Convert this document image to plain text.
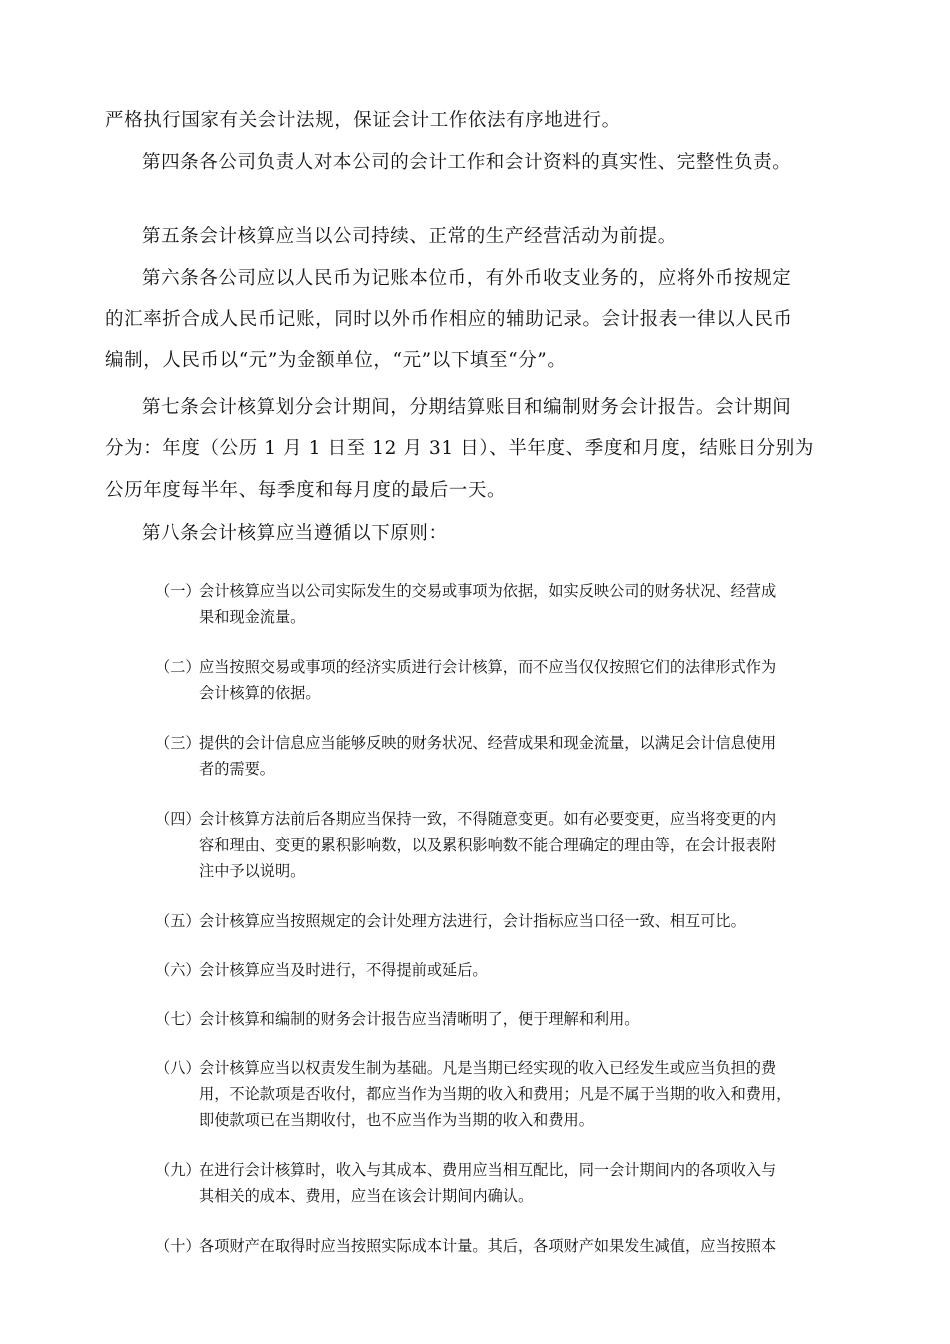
严格执行国家有关会计法规，保证会计工作依法有序地进行。
第四条各公司负责人对本公司的会计工作和会计资料的真实性、完整性负责。
第五条会计核算应当以公司持续、正常的生产经营活动为前提。
第六条各公司应以人民币为记账本位币，有外币收支业务的，应将外币按规定
的汇率折合成人民币记账，同时以外币作相应的辅助记录。会计报表一律以人民币
编制，人民币以“元”为金额单位，“元”以下填至“分”。
第七条会计核算划分会计期间，分期结算账目和编制财务会计报告。会计期间
分为：年度（公历 1 月 1 日至 12 月 31 日）、半年度、季度和月度，结账日分别为
公历年度每半年、每季度和每月度的最后一天。
第八条会计核算应当遵循以下原则：
（一）
会计核算应当以公司实际发生的交易或事项为依据，如实反映公司的财务状况、经营成
果和现金流量。
（二）
应当按照交易或事项的经济实质进行会计核算，而不应当仅仅按照它们的法律形式作为
会计核算的依据。
（三）
提供的会计信息应当能够反映的财务状况、经营成果和现金流量，以满足会计信息使用
者的需要。
（四）
会计核算方法前后各期应当保持一致，不得随意变更。如有必要变更，应当将变更的内
容和理由、变更的累积影响数，以及累积影响数不能合理确定的理由等，在会计报表附
注中予以说明。
（五）
会计核算应当按照规定的会计处理方法进行，会计指标应当口径一致、相互可比。
（六）
会计核算应当及时进行，不得提前或延后。
（七）
会计核算和编制的财务会计报告应当清晰明了，便于理解和利用。
（八）
会计核算应当以权责发生制为基础。凡是当期已经实现的收入已经发生或应当负担的费
用，不论款项是否收付，都应当作为当期的收入和费用；凡是不属于当期的收入和费用，
即使款项已在当期收付，也不应当作为当期的收入和费用。
（九）
在进行会计核算时，收入与其成本、费用应当相互配比，同一会计期间内的各项收入与
其相关的成本、费用，应当在该会计期间内确认。
（十）
各项财产在取得时应当按照实际成本计量。其后，各项财产如果发生减值，应当按照本
